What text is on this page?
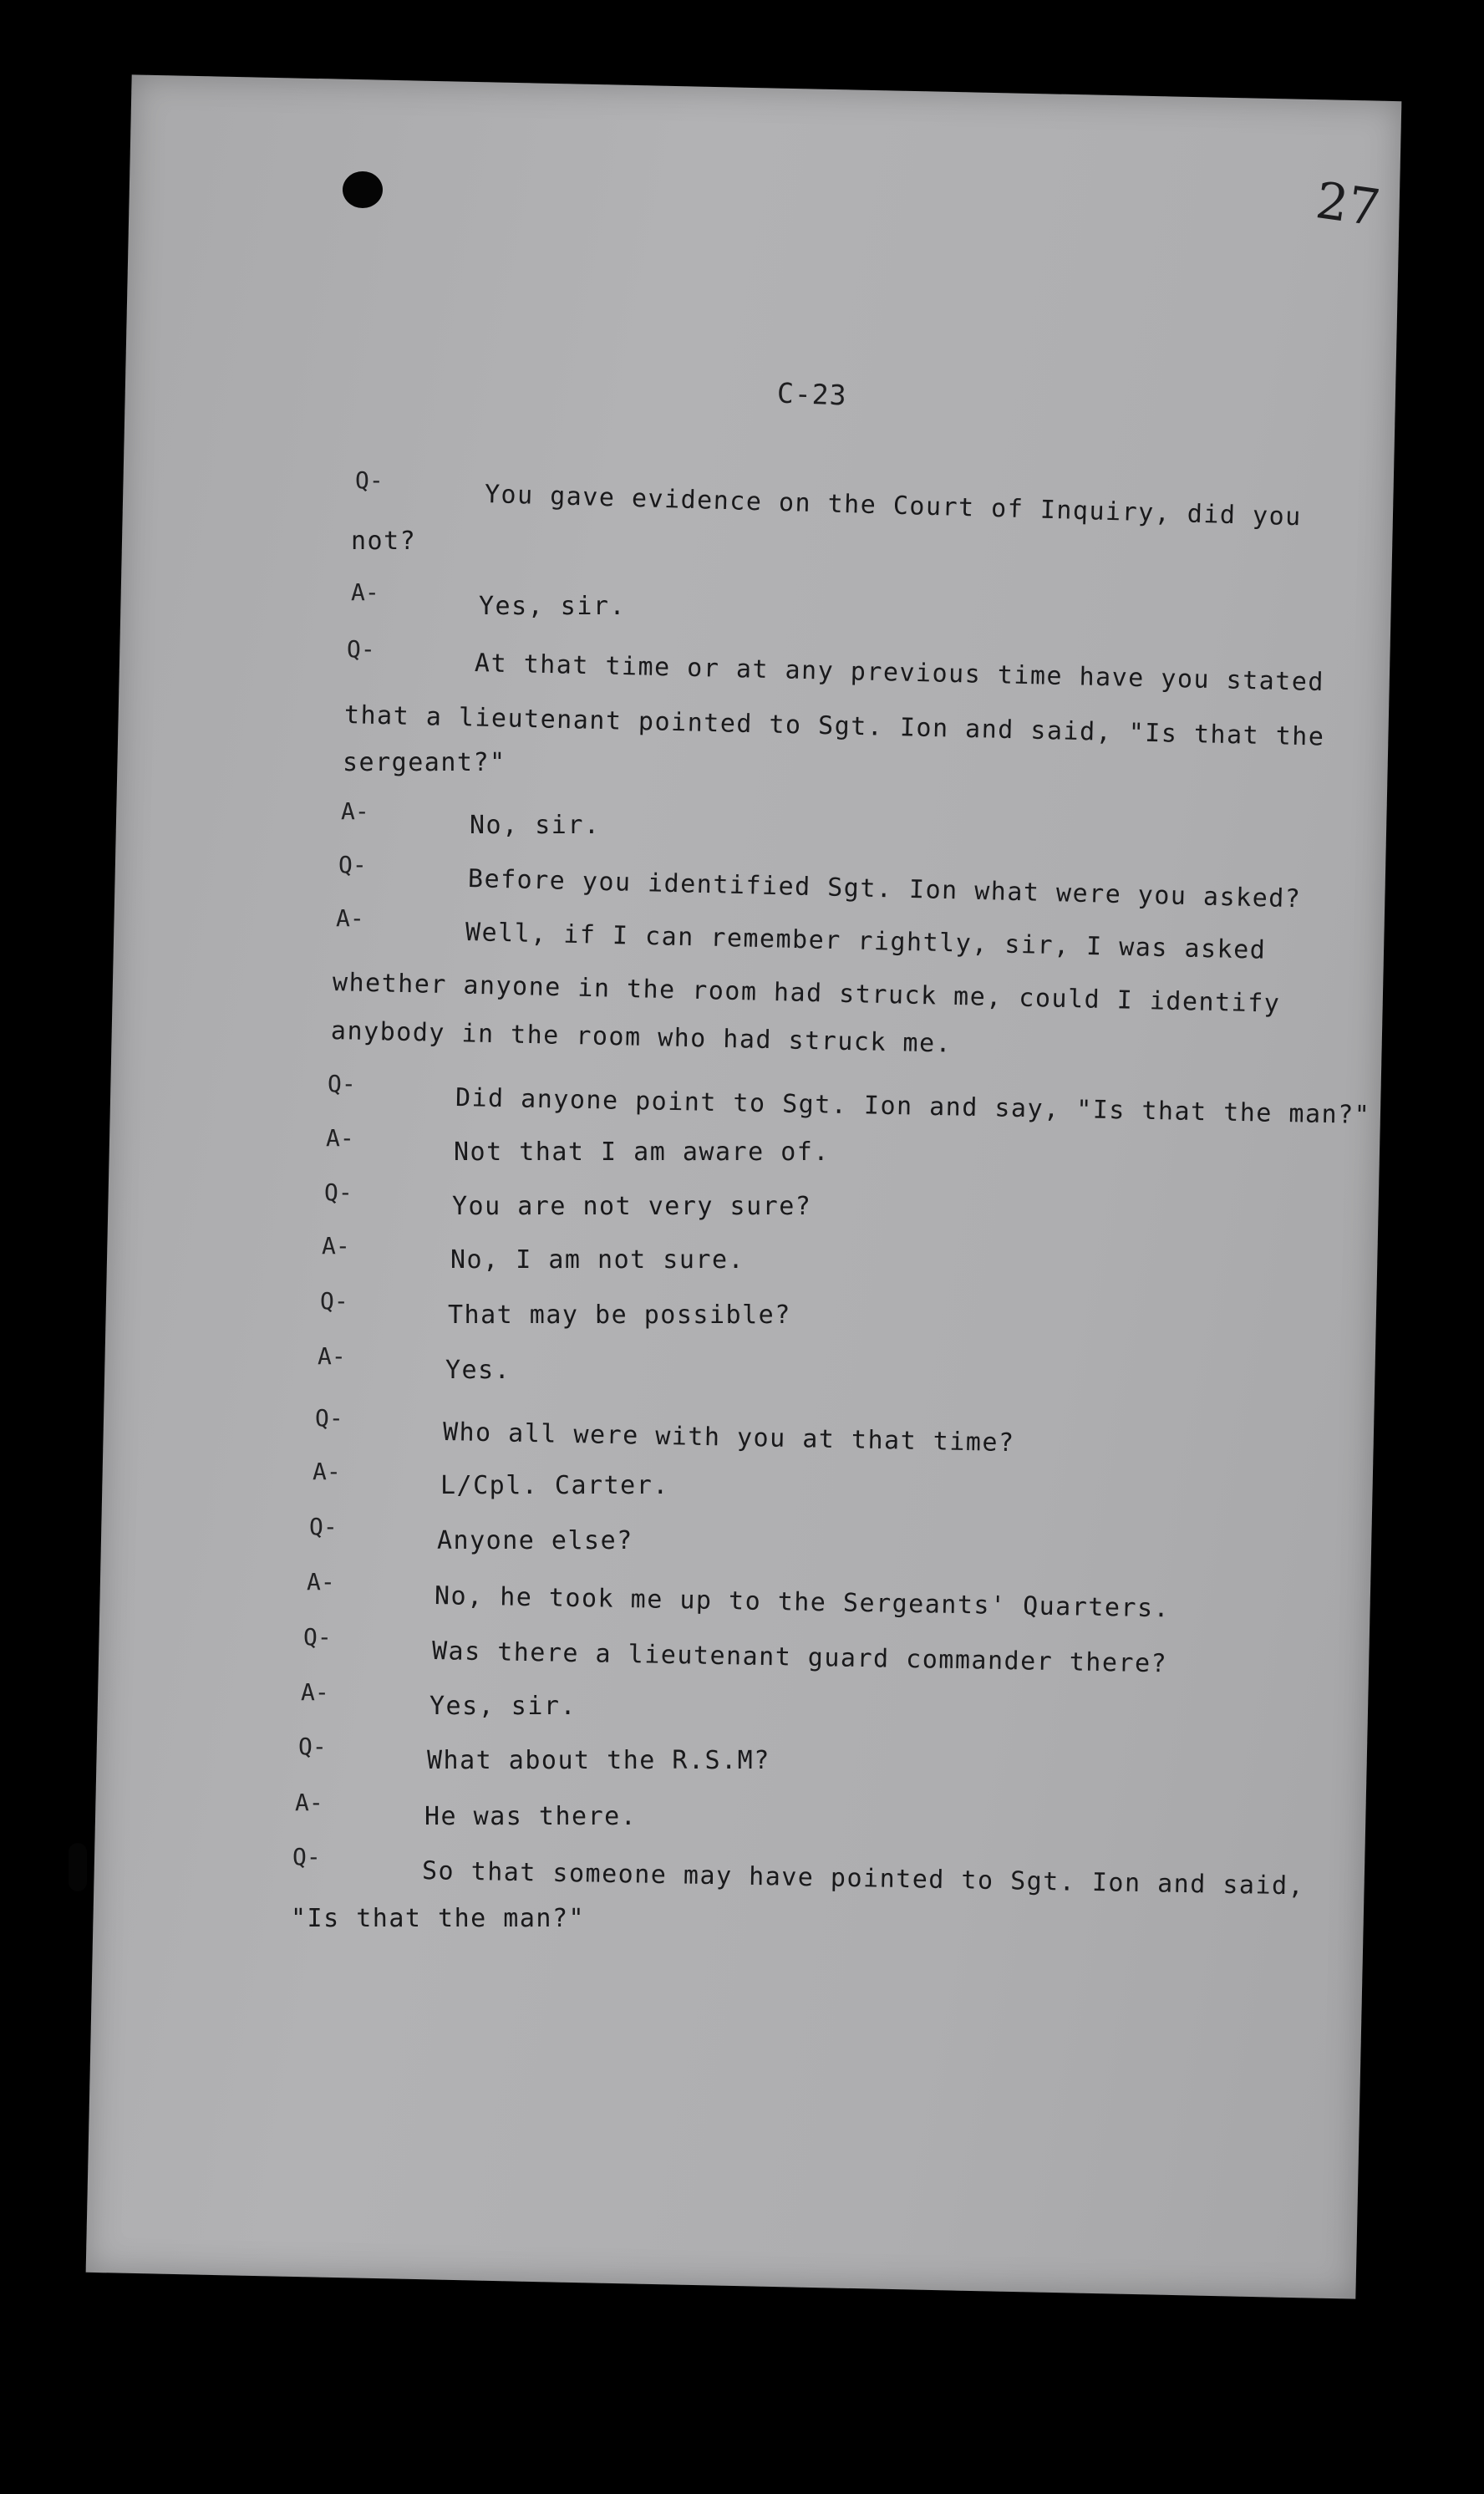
27
C-23
Q-	You gave evidence on the Court of Inquiry, did you
not?
A-	Yes, sir.
Q-	At that time or at any previous time have you stated
that a lieutenant pointed to Sgt. Ion and said, "Is that the
sergeant?"
A-	No, sir.
Q-	Before you identified Sgt. Ion what were you asked?
A-	Well, if I can remember rightly, sir, I was asked
whether anyone in the room had struck me, could I identify
anybody in the room who had struck me.
Q-	Did anyone point to Sgt. Ion and say, "Is that the man?"
A-	Not that I am aware of.
Q-	You are not very sure?
A-	No, I am not sure.
Q-	That may be possible?
A-	Yes.
Q-	Who all were with you at that time?
A-	L/Cpl. Carter.
Q-	Anyone else?
A-	No, he took me up to the Sergeants' Quarters.
Q-	Was there a lieutenant guard commander there?
A-	Yes, sir.
Q-	What about the R.S.M?
A-	He was there.
Q-	So that someone may have pointed to Sgt. Ion and said,
"Is that the man?"
